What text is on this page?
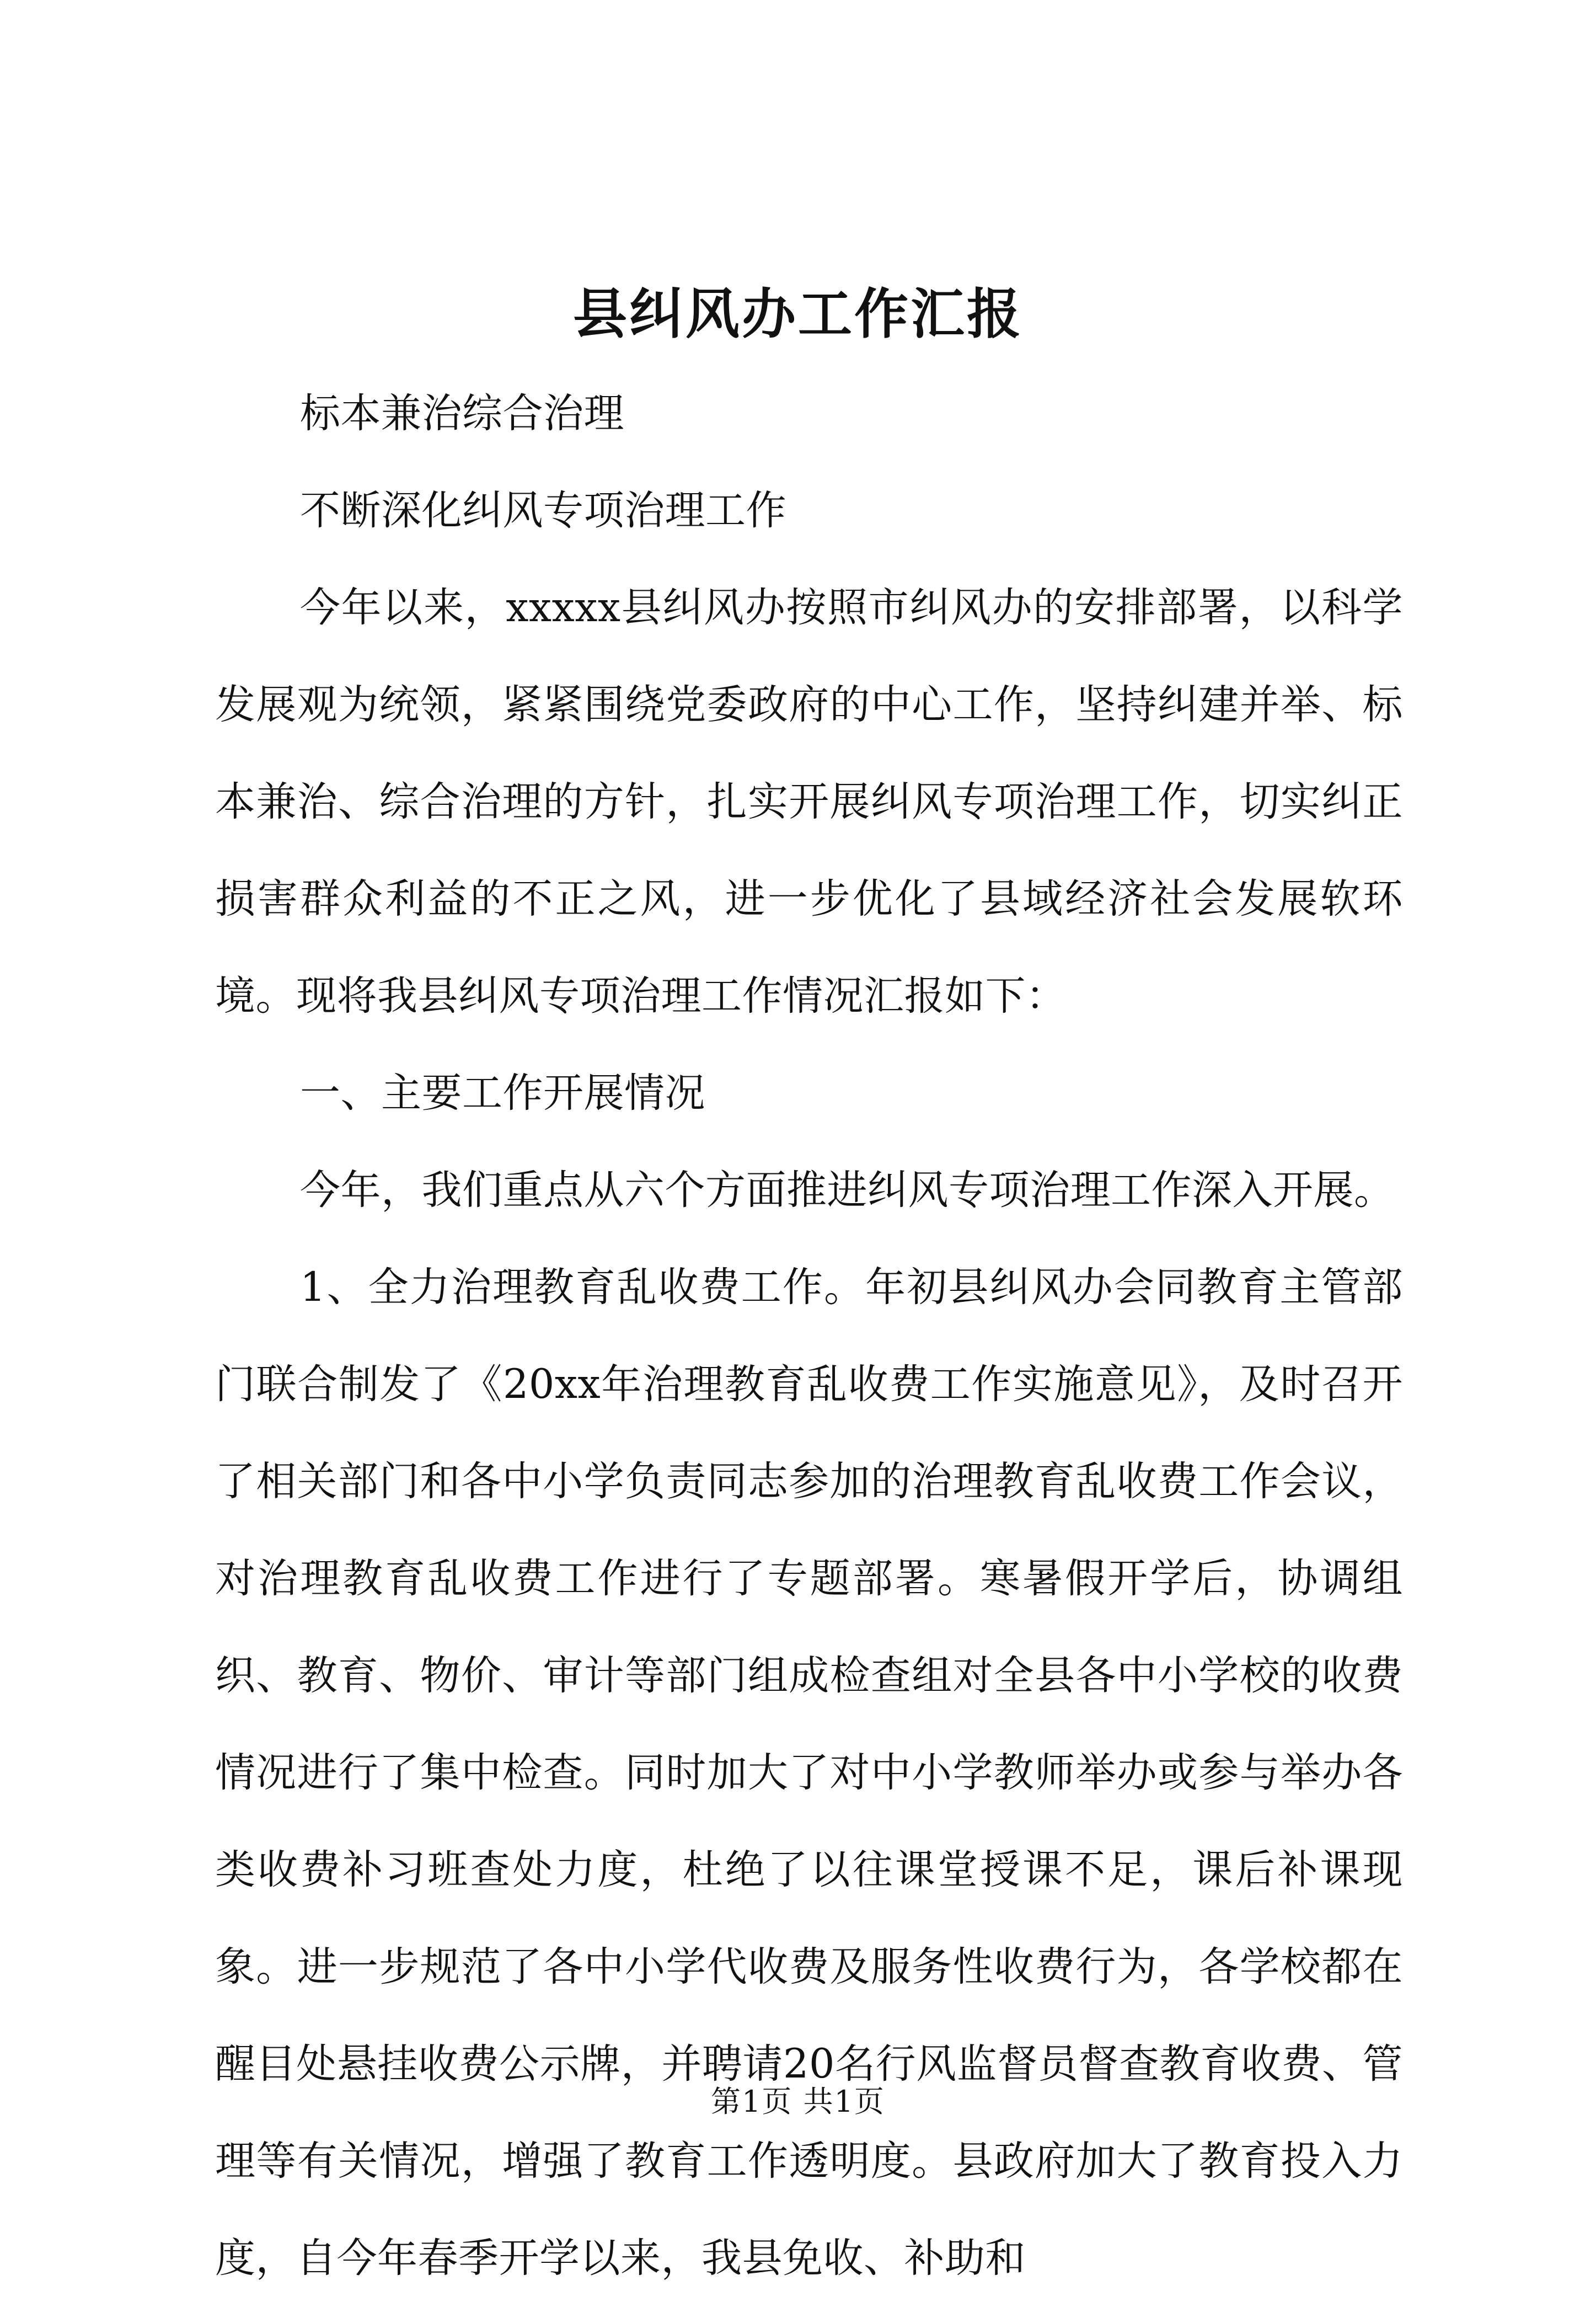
县纠风办工作汇报

标本兼治综合治理

不断深化纠风专项治理工作

今年以来，xxxxx县纠风办按照市纠风办的安排部署，以科学发展观为统领，紧紧围绕党委政府的中心工作，坚持纠建并举、标本兼治、综合治理的方针，扎实开展纠风专项治理工作，切实纠正损害群众利益的不正之风，进一步优化了县域经济社会发展软环境。现将我县纠风专项治理工作情况汇报如下：

一、主要工作开展情况

今年，我们重点从六个方面推进纠风专项治理工作深入开展。

1、全力治理教育乱收费工作。年初县纠风办会同教育主管部门联合制发了《20xx年治理教育乱收费工作实施意见》，及时召开了相关部门和各中小学负责同志参加的治理教育乱收费工作会议，对治理教育乱收费工作进行了专题部署。寒暑假开学后，协调组织、教育、物价、审计等部门组成检查组对全县各中小学校的收费情况进行了集中检查。同时加大了对中小学教师举办或参与举办各类收费补习班查处力度，杜绝了以往课堂授课不足，课后补课现象。进一步规范了各中小学代收费及服务性收费行为，各学校都在醒目处悬挂收费公示牌，并聘请20名行风监督员督查教育收费、管理等有关情况，增强了教育工作透明度。县政府加大了教育投入力度，自今年春季开学以来，我县免收、补助和

第1页 共1页
